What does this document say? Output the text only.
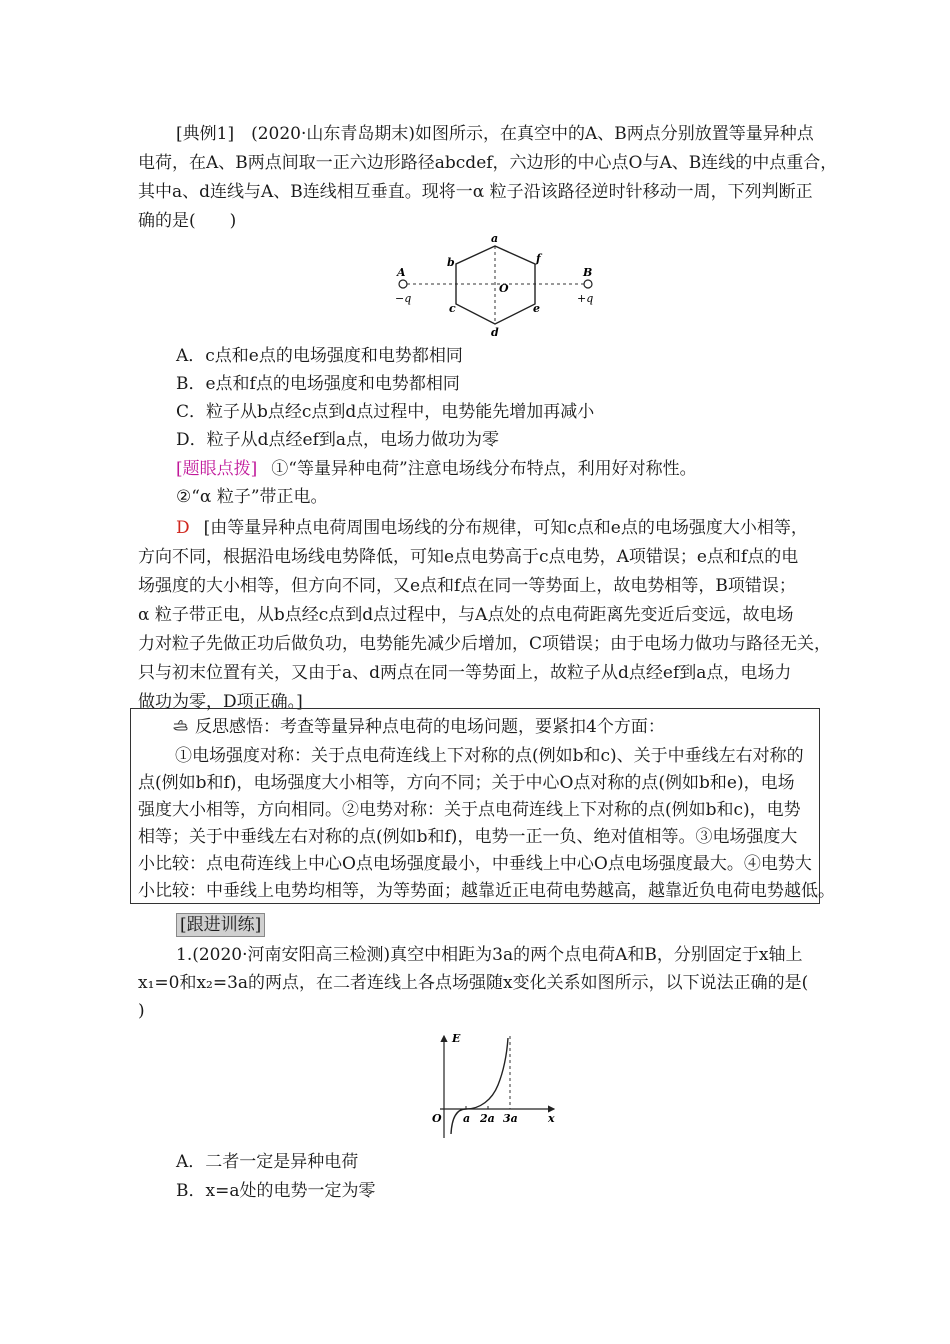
[典例1]　(2020·山东青岛期末)如图所示，在真空中的A、B两点分别放置等量异种点
电荷，在A、B两点间取一正六边形路径abcdef，六边形的中心点O与A、B连线的中点重合，
其中a、d连线与A、B连线相互垂直。现将一α 粒子沿该路径逆时针移动一周，下列判断正
确的是(　　)
A
−q
B
+q
a
b
c
d
e
f
O
A．c点和e点的电场强度和电势都相同
B．e点和f点的电场强度和电势都相同
C．粒子从b点经c点到d点过程中，电势能先增加再减小
D．粒子从d点经ef到a点，电场力做功为零
[题眼点拨] ①“等量异种电荷”注意电场线分布特点，利用好对称性。
②“α 粒子”带正电。
D [由等量异种点电荷周围电场线的分布规律，可知c点和e点的电场强度大小相等，
方向不同，根据沿电场线电势降低，可知e点电势高于c点电势，A项错误；e点和f点的电
场强度的大小相等，但方向不同，又e点和f点在同一等势面上，故电势相等，B项错误；
α 粒子带正电，从b点经c点到d点过程中，与A点处的点电荷距离先变近后变远，故电场
力对粒子先做正功后做负功，电势能先减少后增加，C项错误；由于电场力做功与路径无关，
只与初末位置有关，又由于a、d两点在同一等势面上，故粒子从d点经ef到a点，电场力
做功为零，D项正确。]
反思感悟：考查等量异种点电荷的电场问题，要紧扣4个方面：
①电场强度对称：关于点电荷连线上下对称的点(例如b和c)、关于中垂线左右对称的
点(例如b和f)，电场强度大小相等，方向不同；关于中心O点对称的点(例如b和e)，电场
强度大小相等，方向相同。②电势对称：关于点电荷连线上下对称的点(例如b和c)，电势
相等；关于中垂线左右对称的点(例如b和f)，电势一正一负、绝对值相等。③电场强度大
小比较：点电荷连线上中心O点电场强度最小，中垂线上中心O点电场强度最大。④电势大
小比较：中垂线上电势均相等，为等势面；越靠近正电荷电势越高，越靠近负电荷电势越低。
[跟进训练]
1.(2020·河南安阳高三检测)真空中相距为3a的两个点电荷A和B，分别固定于x轴上
x₁=0和x₂=3a的两点，在二者连线上各点场强随x变化关系如图所示，以下说法正确的是(
)
E
O a 2a 3a	x
A．二者一定是异种电荷
B．x=a处的电势一定为零
